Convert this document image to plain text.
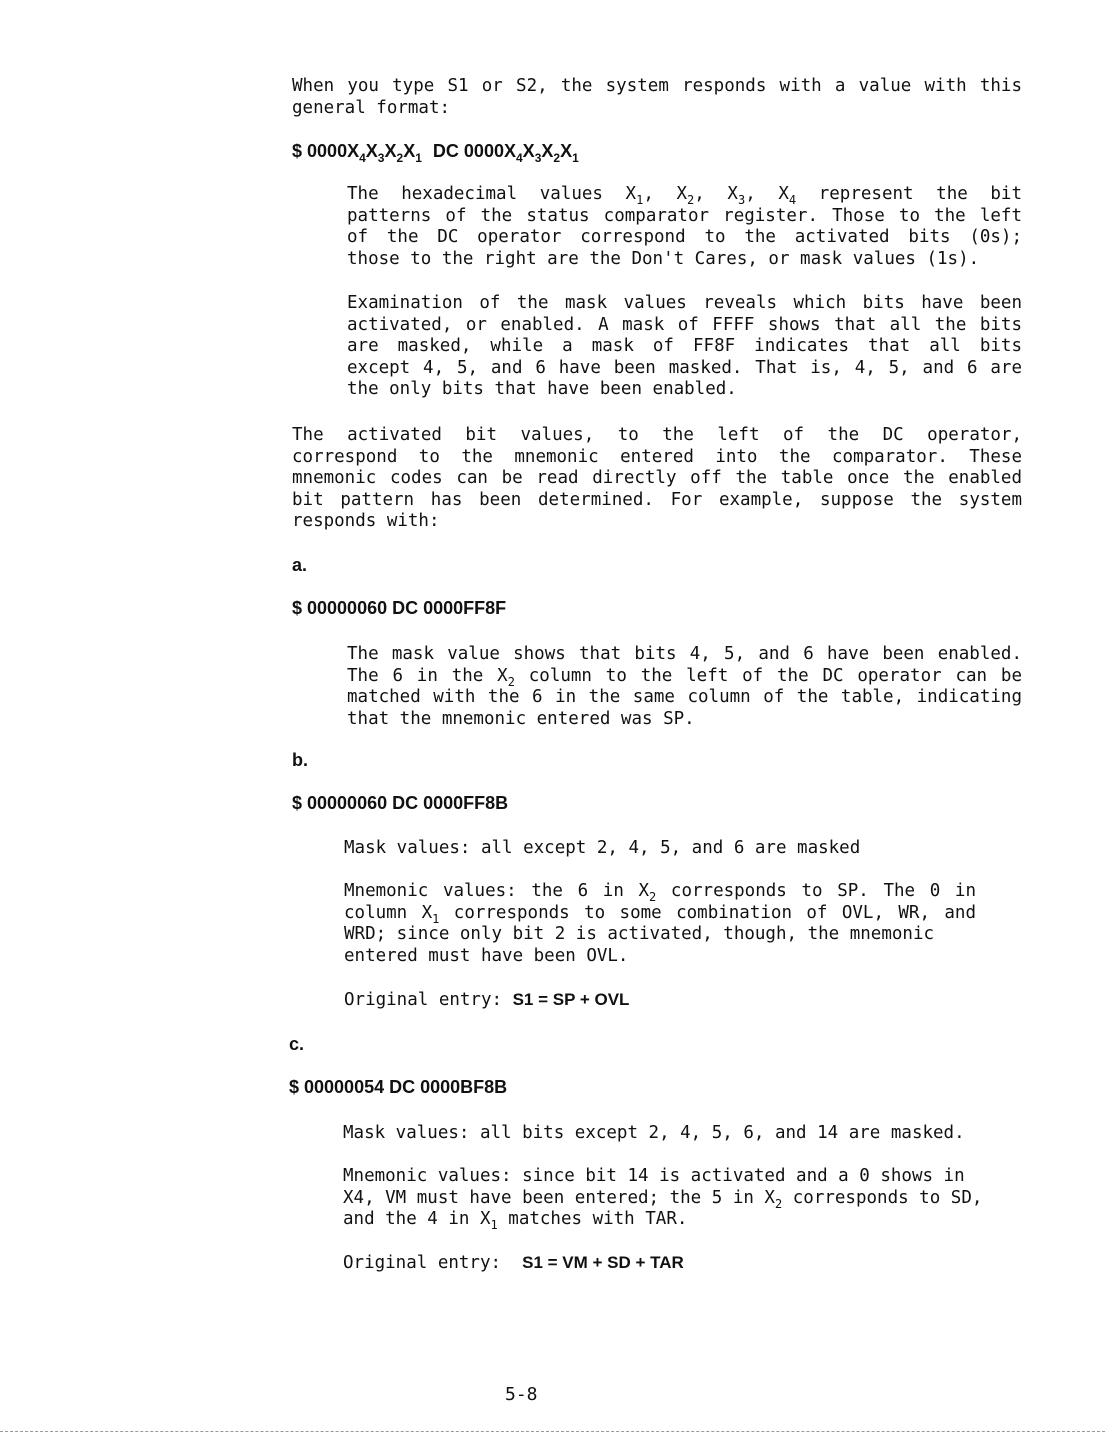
When you type S1 or S2, the system responds with a value with this
general format:
$ $0000X_4X_3X_2X_1$ DC $0000X_4X_3X_2X_1$
The hexadecimal values $X_1$, $X_2$, $X_3$, $X_4$ represent the bit
patterns of the status comparator register. Those to the left
of the DC operator correspond to the activated bits (0s);
those to the right are the Don't Cares, or mask values (1s).
Examination of the mask values reveals which bits have been
activated, or enabled. A mask of FFFF shows that all the bits
are masked, while a mask of FF8F indicates that all bits
except 4, 5, and 6 have been masked. That is, 4, 5, and 6 are
the only bits that have been enabled.
The activated bit values, to the left of the DC operator,
correspond to the mnemonic entered into the comparator. These
mnemonic codes can be read directly off the table once the enabled
bit pattern has been determined. For example, suppose the system
responds with:
a.
$ 00000060 DC 0000FF8F
The mask value shows that bits 4, 5, and 6 have been enabled.
The 6 in the $X_2$ column to the left of the DC operator can be
matched with the 6 in the same column of the table, indicating
that the mnemonic entered was SP.
b.
$ 00000060 DC 0000FF8B
Mask values: all except 2, 4, 5, and 6 are masked
Mnemonic values: the 6 in $X_2$ corresponds to SP. The 0 in
column $X_1$ corresponds to some combination of OVL, WR, and
WRD; since only bit 2 is activated, though, the mnemonic
entered must have been OVL.
Original entry: S1 = SP + OVL
c.
$ 00000054 DC 0000BF8B
Mask values: all bits except 2, 4, 5, 6, and 14 are masked.
Mnemonic values: since bit 14 is activated and a 0 shows in
X4, VM must have been entered; the 5 in $X_2$ corresponds to SD,
and the 4 in $X_1$ matches with TAR.
Original entry:  S1 = VM + SD + TAR
5-8
